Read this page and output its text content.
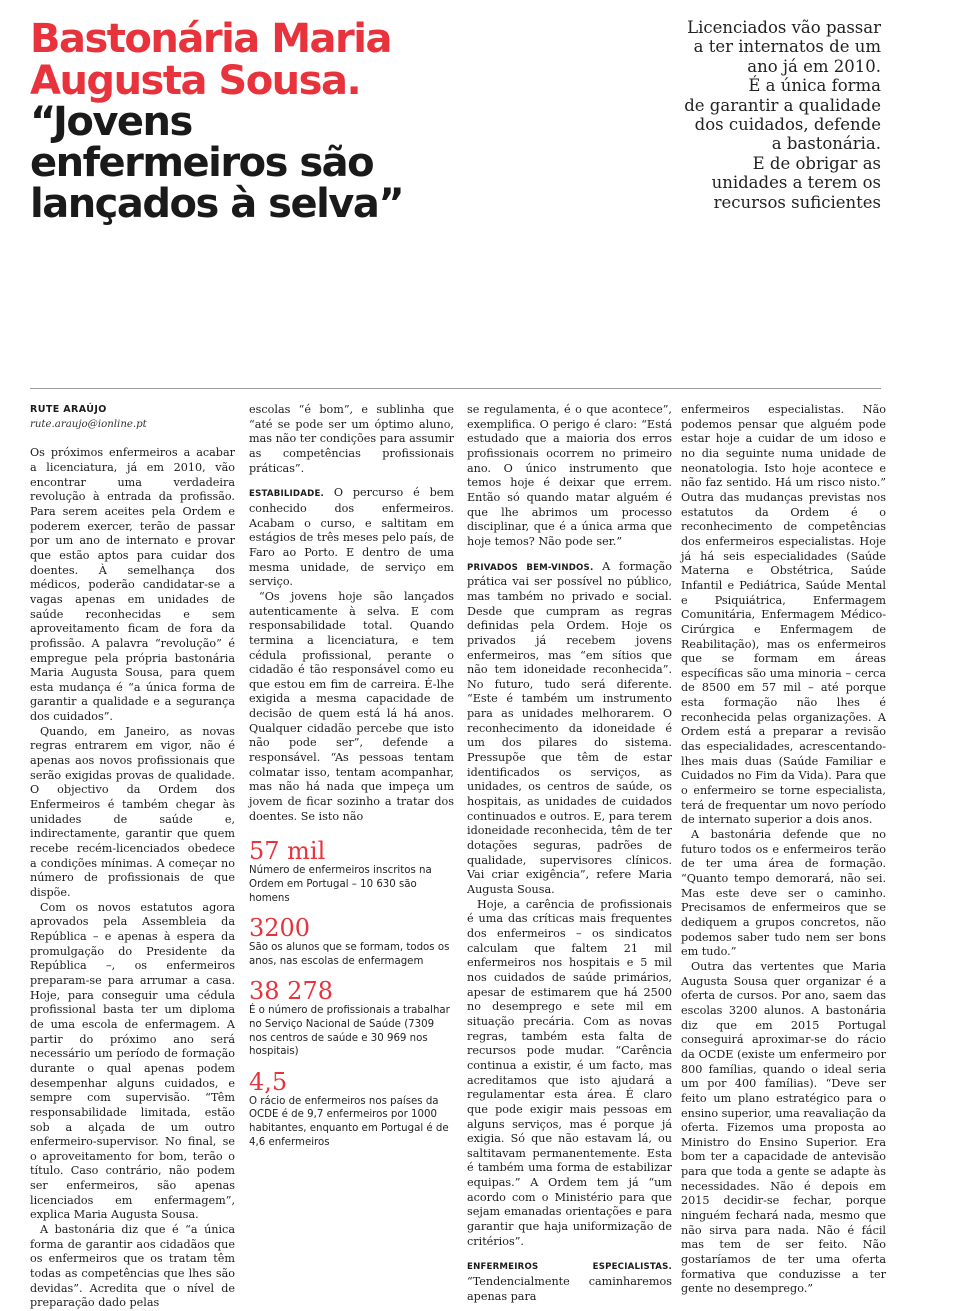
Bastonária Maria
Augusta Sousa.
“Jovens
enfermeiros são
lançados à selva”

Licenciados vão passar

a ter internatos de um

ano já em 2010.

É a única forma

de garantir a qualidade

dos cuidados, defende

a bastonária.

E de obrigar as

unidades a terem os

recursos suficientes

RUTE ARAÚJO
rute.araujo@ionline.pt

Os próximos enfermeiros a acabar a licenciatura, já em 2010, vão encontrar uma verdadeira revolução à entrada da profissão. Para serem aceites pela Ordem e poderem exercer, terão de passar por um ano de internato e provar que estão aptos para cuidar dos doentes. À semelhança dos médicos, poderão candidatar-se a vagas apenas em unidades de saúde reconhecidas e sem aproveitamento ficam de fora da profissão. A palavra “revolução” é empregue pela própria bastonária Maria Augusta Sousa, para quem esta mudança é “a única forma de garantir a qualidade e a segurança dos cuidados”.

Quando, em Janeiro, as novas regras entrarem em vigor, não é apenas aos novos profissionais que serão exigidas provas de qualidade. O objectivo da Ordem dos Enfermeiros é também chegar às unidades de saúde e, indirectamente, garantir que quem recebe recém-licenciados obedece a condições mínimas. A começar no número de profissionais de que dispõe.

Com os novos estatutos agora aprovados pela Assembleia da República – e apenas à espera da promulgação do Presidente da República –, os enfermeiros preparam-se para arrumar a casa. Hoje, para conseguir uma cédula profissional basta ter um diploma de uma escola de enfermagem. A partir do próximo ano será necessário um período de formação durante o qual apenas podem desempenhar alguns cuidados, e sempre com supervisão. “Têm responsabilidade limitada, estão sob a alçada de um outro enfermeiro-supervisor. No final, se o aproveitamento for bom, terão o título. Caso contrário, não podem ser enfermeiros, são apenas licenciados em enfermagem”, explica Maria Augusta Sousa.

A bastonária diz que é “a única forma de garantir aos cidadãos que os enfermeiros que os tratam têm todas as competências que lhes são devidas”. Acredita que o nível de preparação dado pelas

escolas “é bom”, e sublinha que “até se pode ser um óptimo aluno, mas não ter condições para assumir as competências profissionais práticas”.

ESTABILIDADE. O percurso é bem conhecido dos enfermeiros. Acabam o curso, e saltitam em estágios de três meses pelo país, de Faro ao Porto. E dentro de uma mesma unidade, de serviço em serviço.

“Os jovens hoje são lançados autenticamente à selva. E com responsabilidade total. Quando termina a licenciatura, e tem cédula profissional, perante o cidadão é tão responsável como eu que estou em fim de carreira. É-lhe exigida a mesma capacidade de decisão de quem está lá há anos. Qualquer cidadão percebe que isto não pode ser”, defende a responsável. “As pessoas tentam colmatar isso, tentam acompanhar, mas não há nada que impeça um jovem de ficar sozinho a tratar dos doentes. Se isto não

57 mil
Número de enfermeiros inscritos na Ordem em Portugal – 10 630 são homens
3200
São os alunos que se formam, todos os anos, nas escolas de enfermagem
38 278
É o número de profissionais a trabalhar no Serviço Nacional de Saúde (7309 nos centros de saúde e 30 969 nos hospitais)
4,5
O rácio de enfermeiros nos países da OCDE é de 9,7 enfermeiros por 1000 habitantes, enquanto em Portugal é de 4,6 enfermeiros

se regulamenta, é o que acontece”, exemplifica. O perigo é claro: “Está estudado que a maioria dos erros profissionais ocorrem no primeiro ano. O único instrumento que temos hoje é deixar que errem. Então só quando matar alguém é que lhe abrimos um processo disciplinar, que é a única arma que hoje temos? Não pode ser.”

PRIVADOS BEM-VINDOS. A formação prática vai ser possível no público, mas também no privado e social. Desde que cumpram as regras definidas pela Ordem. Hoje os privados já recebem jovens enfermeiros, mas “em sítios que não tem idoneidade reconhecida”. No futuro, tudo será diferente. “Este é também um instrumento para as unidades melhorarem. O reconhecimento da idoneidade é um dos pilares do sistema. Pressupõe que têm de estar identificados os serviços, as unidades, os centros de saúde, os hospitais, as unidades de cuidados continuados e outros. E, para terem idoneidade reconhecida, têm de ter dotações seguras, padrões de qualidade, supervisores clínicos. Vai criar exigência”, refere Maria Augusta Sousa.

Hoje, a carência de profissionais é uma das críticas mais frequentes dos enfermeiros – os sindicatos calculam que faltem 21 mil enfermeiros nos hospitais e 5 mil nos cuidados de saúde primários, apesar de estimarem que há 2500 no desemprego e sete mil em situação precária. Com as novas regras, também esta falta de recursos pode mudar. “Carência continua a existir, é um facto, mas acreditamos que isto ajudará a regulamentar esta área. É claro que pode exigir mais pessoas em alguns serviços, mas é porque já exigia. Só que não estavam lá, ou saltitavam permanentemente. Esta é também uma forma de estabilizar equipas.” A Ordem tem já “um acordo com o Ministério para que sejam emanadas orientações e para garantir que haja uniformização de critérios”.

ENFERMEIROS ESPECIALISTAS. “Tendencialmente caminharemos apenas para

enfermeiros especialistas. Não podemos pensar que alguém pode estar hoje a cuidar de um idoso e no dia seguinte numa unidade de neonatologia. Isto hoje acontece e não faz sentido. Há um risco nisto.” Outra das mudanças previstas nos estatutos da Ordem é o reconhecimento de competências dos enfermeiros especialistas. Hoje já há seis especialidades (Saúde Materna e Obstétrica, Saúde Infantil e Pediátrica, Saúde Mental e Psiquiátrica, Enfermagem Comunitária, Enfermagem Médico-Cirúrgica e Enfermagem de Reabilitação), mas os enfermeiros que se formam em áreas específicas são uma minoria – cerca de 8500 em 57 mil – até porque esta formação não lhes é reconhecida pelas organizações. A Ordem está a preparar a revisão das especialidades, acrescentando-lhes mais duas (Saúde Familiar e Cuidados no Fim da Vida). Para que o enfermeiro se torne especialista, terá de frequentar um novo período de internato superior a dois anos.

A bastonária defende que no futuro todos os e enfermeiros terão de ter uma área de formação. “Quanto tempo demorará, não sei. Mas este deve ser o caminho. Precisamos de enfermeiros que se dediquem a grupos concretos, não podemos saber tudo nem ser bons em tudo.”

Outra das vertentes que Maria Augusta Sousa quer organizar é a oferta de cursos. Por ano, saem das escolas 3200 alunos. A bastonária diz que em 2015 Portugal conseguirá aproximar-se do rácio da OCDE (existe um enfermeiro por 800 famílias, quando o ideal seria um por 400 famílias). “Deve ser feito um plano estratégico para o ensino superior, uma reavaliação da oferta. Fizemos uma proposta ao Ministro do Ensino Superior. Era bom ter a capacidade de antevisão para que toda a gente se adapte às necessidades. Não é depois em 2015 decidir-se fechar, porque ninguém fechará nada, mesmo que não sirva para nada. Não é fácil mas tem de ser feito. Não gostaríamos de ter uma oferta formativa que conduzisse a ter gente no desemprego.”
